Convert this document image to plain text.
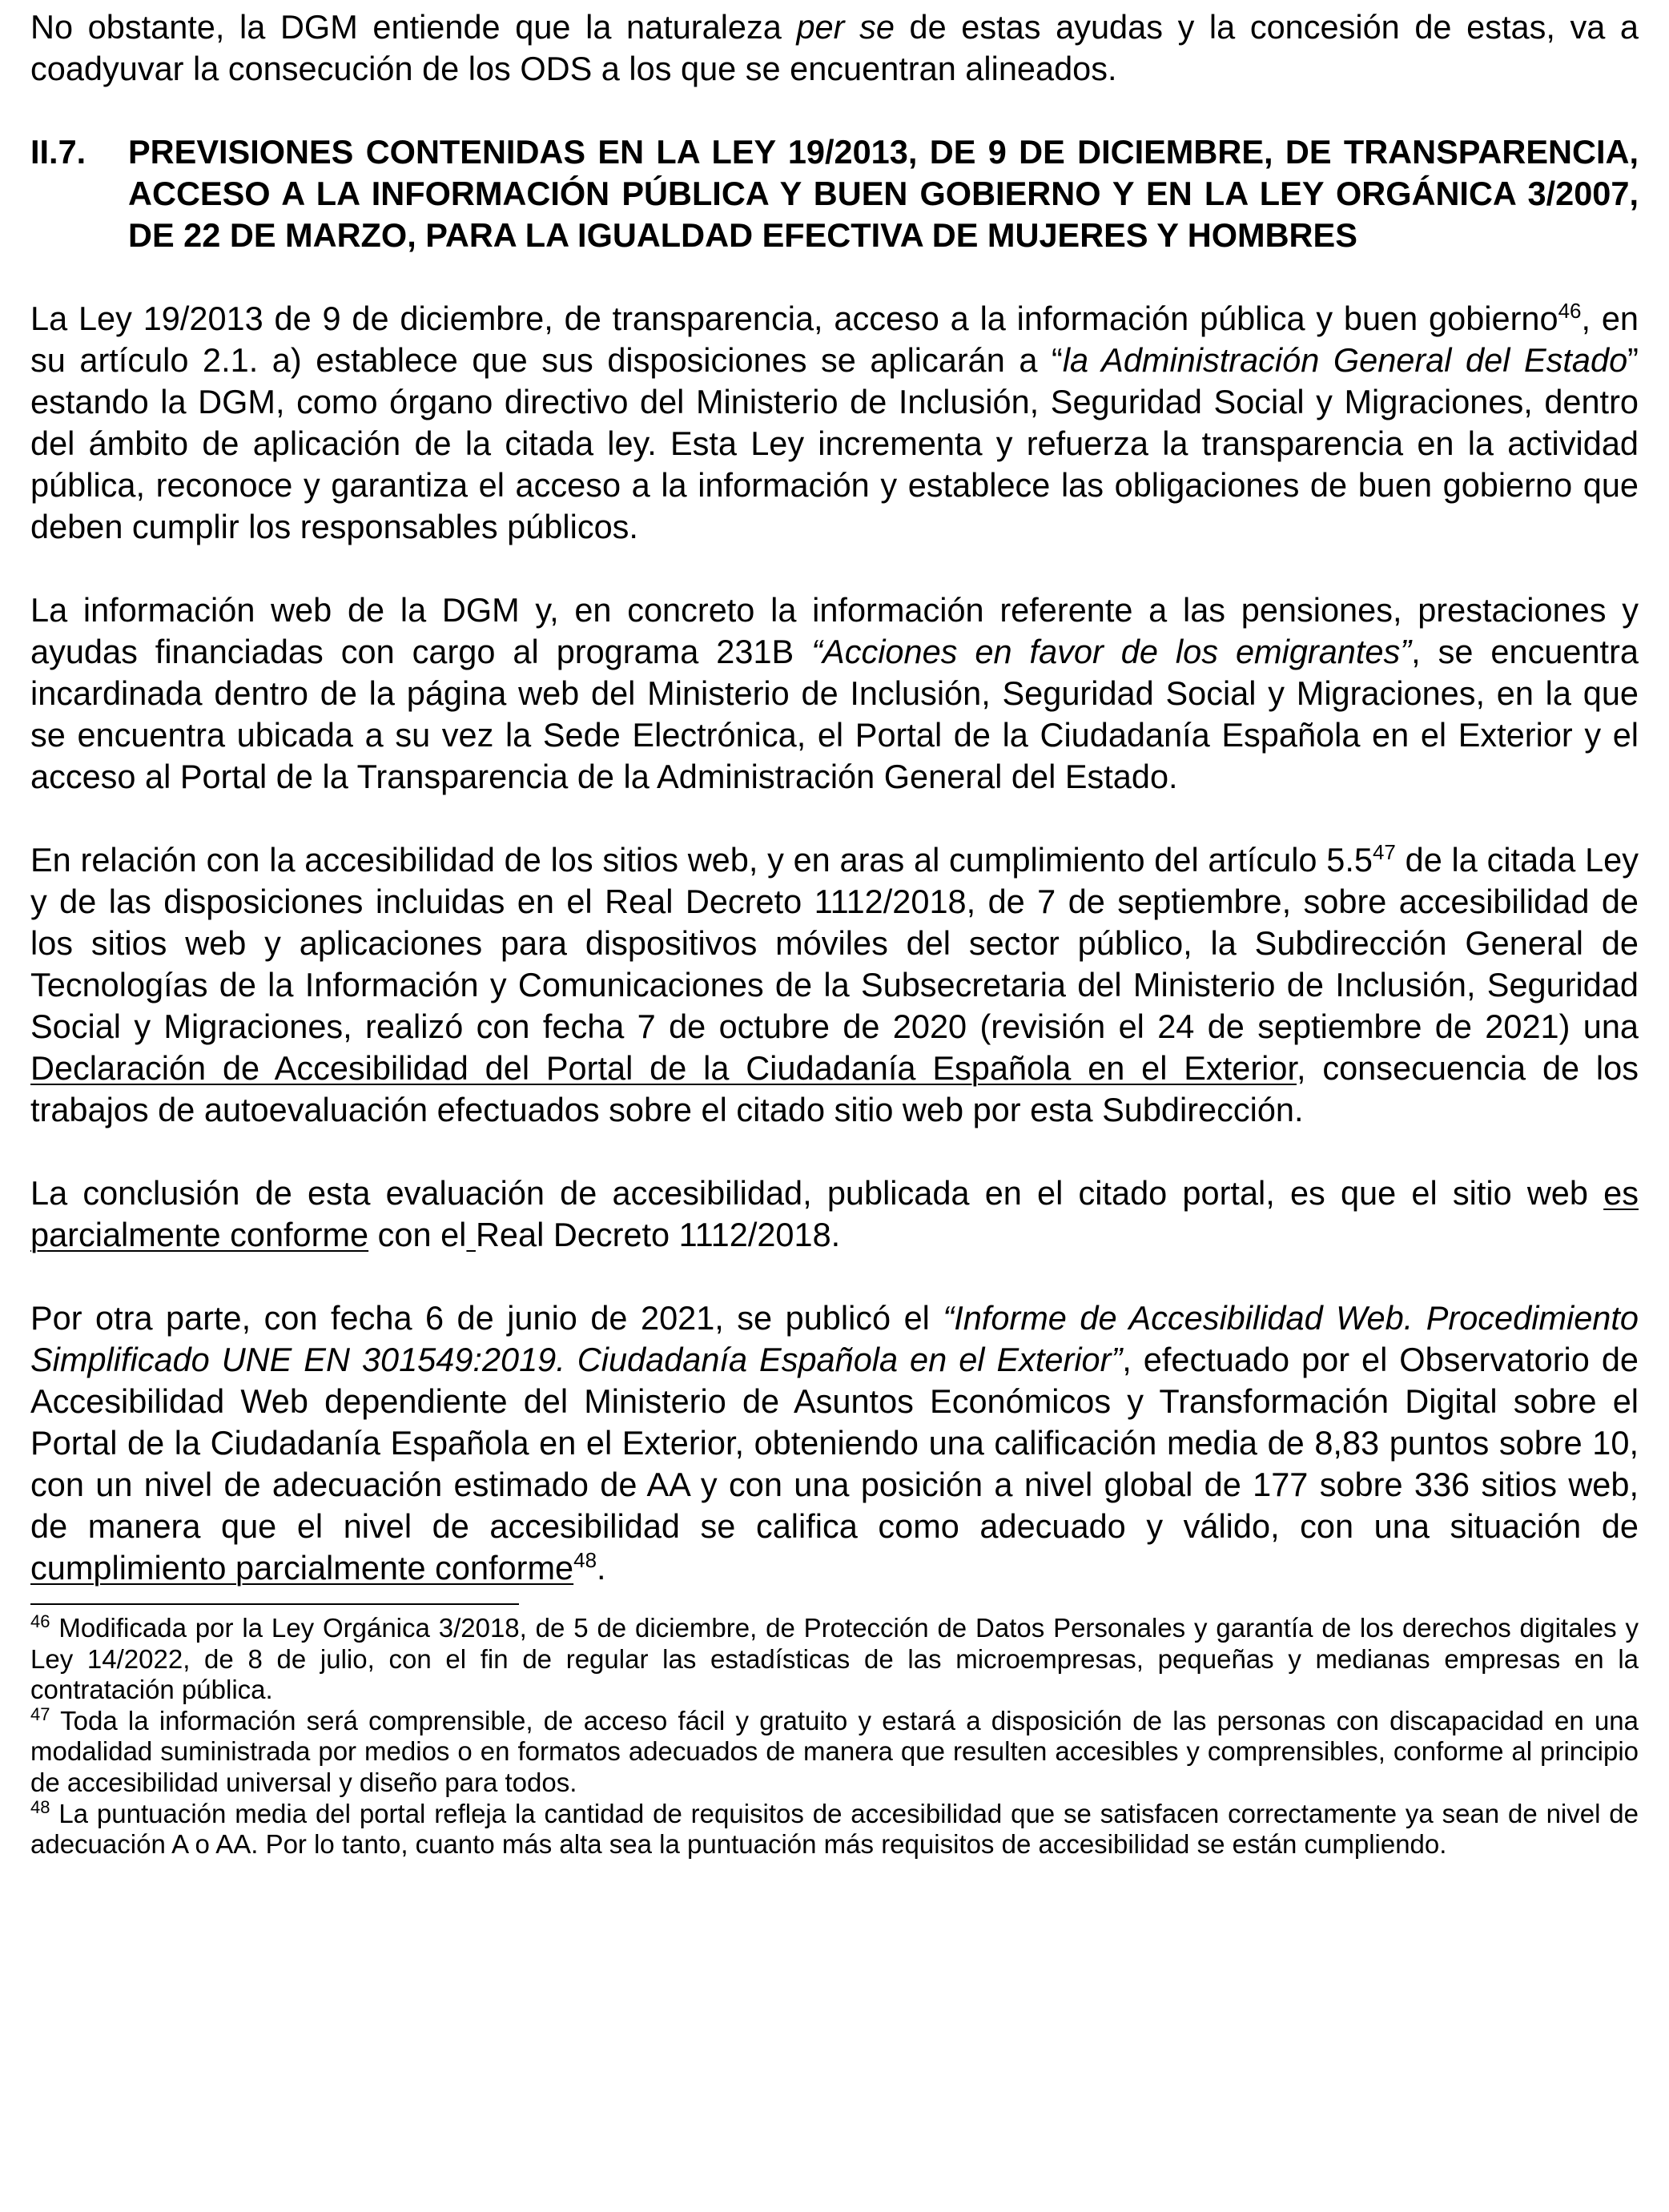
No obstante, la DGM entiende que la naturaleza per se de estas ayudas y la concesión de estas, va a coadyuvar la consecución de los ODS a los que se encuentran alineados.

II.7.	PREVISIONES CONTENIDAS EN LA LEY 19/2013, DE 9 DE DICIEMBRE, DE TRANSPARENCIA, ACCESO A LA INFORMACIÓN PÚBLICA Y BUEN GOBIERNO Y EN LA LEY ORGÁNICA 3/2007, DE 22 DE MARZO, PARA LA IGUALDAD EFECTIVA DE MUJERES Y HOMBRES

La Ley 19/2013 de 9 de diciembre, de transparencia, acceso a la información pública y buen gobierno$^{46}$, en su artículo 2.1. a) establece que sus disposiciones se aplicarán a “la Administración General del Estado” estando la DGM, como órgano directivo del Ministerio de Inclusión, Seguridad Social y Migraciones, dentro del ámbito de aplicación de la citada ley. Esta Ley incrementa y refuerza la transparencia en la actividad pública, reconoce y garantiza el acceso a la información y establece las obligaciones de buen gobierno que deben cumplir los responsables públicos.

La información web de la DGM y, en concreto la información referente a las pensiones, prestaciones y ayudas financiadas con cargo al programa 231B “Acciones en favor de los emigrantes”, se encuentra incardinada dentro de la página web del Ministerio de Inclusión, Seguridad Social y Migraciones, en la que se encuentra ubicada a su vez la Sede Electrónica, el Portal de la Ciudadanía Española en el Exterior y el acceso al Portal de la Transparencia de la Administración General del Estado.

En relación con la accesibilidad de los sitios web, y en aras al cumplimiento del artículo $5.5^{47}$ de la citada Ley y de las disposiciones incluidas en el Real Decreto 1112/2018, de 7 de septiembre, sobre accesibilidad de los sitios web y aplicaciones para dispositivos móviles del sector público, la Subdirección General de Tecnologías de la Información y Comunicaciones de la Subsecretaria del Ministerio de Inclusión, Seguridad Social y Migraciones, realizó con fecha 7 de octubre de 2020 (revisión el 24 de septiembre de 2021) una Declaración de Accesibilidad del Portal de la Ciudadanía Española en el Exterior, consecuencia de los trabajos de autoevaluación efectuados sobre el citado sitio web por esta Subdirección.

La conclusión de esta evaluación de accesibilidad, publicada en el citado portal, es que el sitio web es parcialmente conforme con el Real Decreto 1112/2018.

Por otra parte, con fecha 6 de junio de 2021, se publicó el “Informe de Accesibilidad Web. Procedimiento Simplificado UNE EN 301549:2019. Ciudadanía Española en el Exterior”, efectuado por el Observatorio de Accesibilidad Web dependiente del Ministerio de Asuntos Económicos y Transformación Digital sobre el Portal de la Ciudadanía Española en el Exterior, obteniendo una calificación media de 8,83 puntos sobre 10, con un nivel de adecuación estimado de AA y con una posición a nivel global de 177 sobre 336 sitios web, de manera que el nivel de accesibilidad se califica como adecuado y válido, con una situación de cumplimiento parcialmente conforme$^{48}$.

$^{46}$ Modificada por la Ley Orgánica 3/2018, de 5 de diciembre, de Protección de Datos Personales y garantía de los derechos digitales y Ley 14/2022, de 8 de julio, con el fin de regular las estadísticas de las microempresas, pequeñas y medianas empresas en la contratación pública.

$^{47}$ Toda la información será comprensible, de acceso fácil y gratuito y estará a disposición de las personas con discapacidad en una modalidad suministrada por medios o en formatos adecuados de manera que resulten accesibles y comprensibles, conforme al principio de accesibilidad universal y diseño para todos.

$^{48}$ La puntuación media del portal refleja la cantidad de requisitos de accesibilidad que se satisfacen correctamente ya sean de nivel de adecuación A o AA. Por lo tanto, cuanto más alta sea la puntuación más requisitos de accesibilidad se están cumpliendo.
